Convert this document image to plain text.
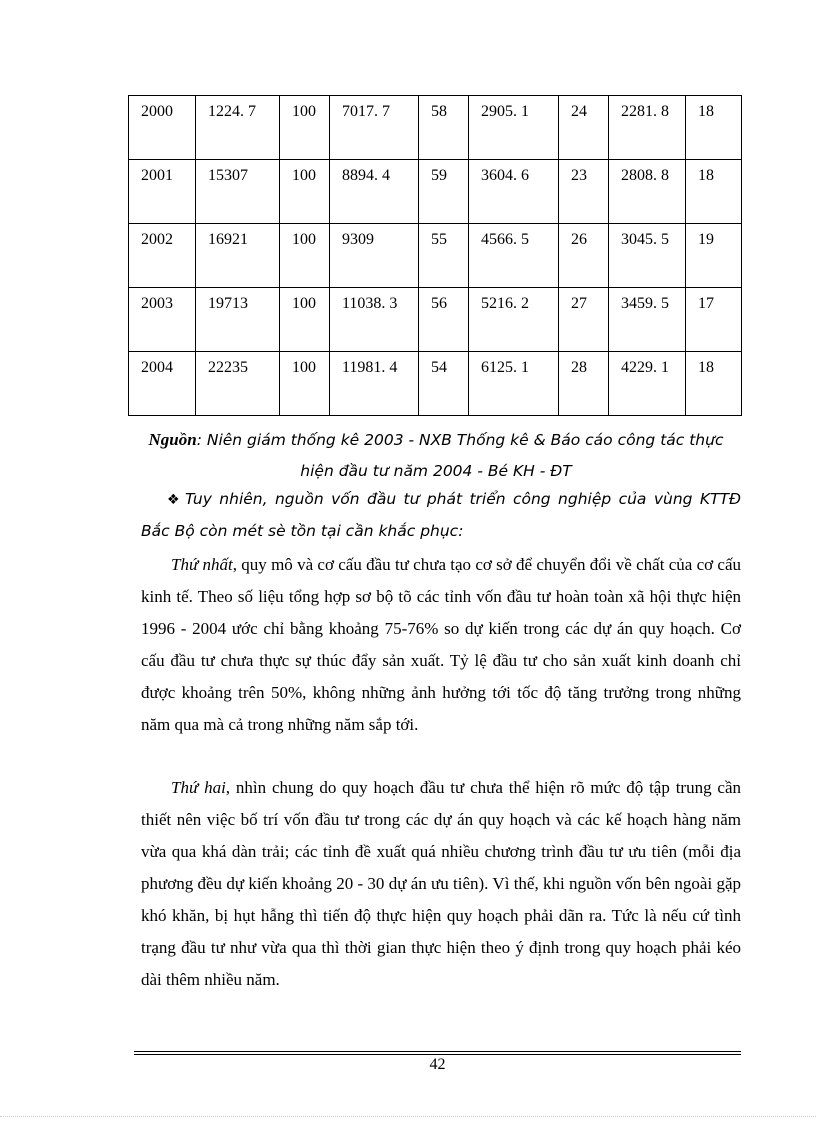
2000	1224. 7	100	7017. 7	58	2905. 1	24	2281. 8	18
2001	15307	100	8894. 4	59	3604. 6	23	2808. 8	18
2002	16921	100	9309	55	4566. 5	26	3045. 5	19
2003	19713	100	11038. 3	56	5216. 2	27	3459. 5	17
2004	22235	100	11981. 4	54	6125. 1	28	4229. 1	18
Nguồn: Niên giám thống kê 2003 - NXB Thống kê & Báo cáo công tác thực hiện đầu tư năm 2004 - Bé KH - ĐT
❖ Tuy nhiên, nguồn vốn đầu tư phát triển công nghiệp của vùng KTTĐ Bắc Bộ còn mét sè tồn tại cần khắc phục:
Thứ nhất, quy mô và cơ cấu đầu tư chưa tạo cơ sở để chuyển đổi về chất của cơ cấu kinh tế. Theo số liệu tổng hợp sơ bộ tõ các tỉnh vốn đầu tư hoàn toàn xã hội thực hiện 1996 - 2004 ước chỉ bằng khoảng 75-76% so dự kiến trong các dự án quy hoạch. Cơ cấu đầu tư chưa thực sự thúc đẩy sản xuất. Tỷ lệ đầu tư cho sản xuất kinh doanh chỉ được khoảng trên 50%, không những ảnh hưởng tới tốc độ tăng trưởng trong những năm qua mà cả trong những năm sắp tới.
Thứ hai, nhìn chung do quy hoạch đầu tư chưa thể hiện rõ mức độ tập trung cần thiết nên việc bố trí vốn đầu tư trong các dự án quy hoạch và các kế hoạch hàng năm vừa qua khá dàn trải; các tỉnh đề xuất quá nhiều chương trình đầu tư ưu tiên (mỗi địa phương đều dự kiến khoảng 20 - 30 dự án ưu tiên). Vì thế, khi nguồn vốn bên ngoài gặp khó khăn, bị hụt hẫng thì tiến độ thực hiện quy hoạch phải dãn ra. Tức là nếu cứ tình trạng đầu tư như vừa qua thì thời gian thực hiện theo ý định trong quy hoạch phải kéo dài thêm nhiều năm.
42
